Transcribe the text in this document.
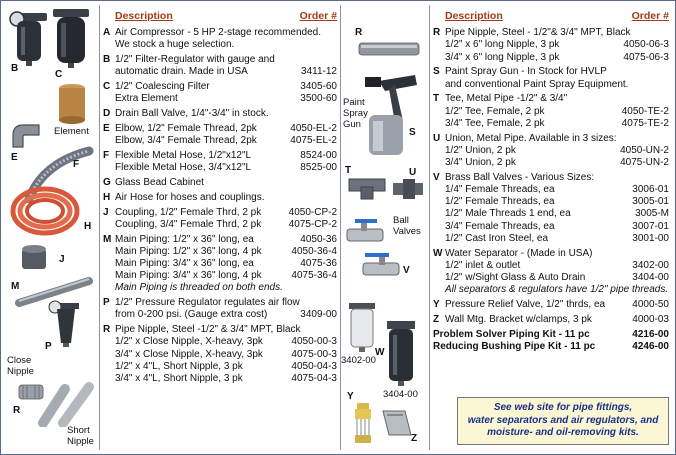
B
C
Element
E
F
H
J
M
P
Close Nipple
R
Short Nipple
Description	Order #
A Air Compressor - 5 HP 2-stage recommended.
We stock a huge selection.
B 1/2" Filter-Regulator with gauge and
automatic drain. Made in USA	3411-12
C 1/2" Coalescing Filter	3405-60
Extra Element	3500-60
D Drain Ball Valve, 1/4"-3/4" in stock.
E Elbow, 1/2" Female Thread, 2pk	4050-EL-2
Elbow, 3/4" Female Thread, 2pk	4075-EL-2
F Flexible Metal Hose, 1/2"x12"L	8524-00
Flexible Metal Hose, 3/4"x12"L	8525-00
G Glass Bead Cabinet
H Air Hose for hoses and couplings.
J Coupling, 1/2" Female Thrd, 2 pk	4050-CP-2
Coupling, 3/4" Female Thrd, 2 pk	4075-CP-2
M Main Piping: 1/2" x 36" long, ea	4050-36
Main Piping: 1/2" x 36" long, 4 pk	4050-36-4
Main Piping: 3/4" x 36" long, ea	4075-36
Main Piping: 3/4" x 36" long, 4 pk	4075-36-4
Main Piping is threaded on both ends.
P 1/2" Pressure Regulator regulates air flow
from 0-200 psi. (Gauge extra cost)	3409-00
R Pipe Nipple, Steel -1/2" & 3/4" MPT, Black
1/2" x Close Nipple, X-heavy, 3pk	4050-00-3
3/4" x Close Nipple, X-heavy, 3pk	4075-00-3
1/2" x 4"L, Short Nipple, 3 pk	4050-04-3
3/4" x 4"L, Short Nipple, 3 pk	4075-04-3
R
Paint Spray Gun
S
T	U
Ball Valves
V
3402-00
W
3404-00
Y
Z
Description	Order #
R Pipe Nipple, Steel - 1/2"& 3/4" MPT, Black
1/2" x 6" long Nipple, 3 pk	4050-06-3
3/4" x 6" long Nipple, 3 pk	4075-06-3
S Paint Spray Gun - In Stock for HVLP
and conventional Paint Spray Equipment.
T Tee, Metal Pipe -1/2" & 3/4"
1/2" Tee, Female, 2 pk	4050-TE-2
3/4" Tee, Female, 2 pk	4075-TE-2
U Union, Metal Pipe. Available in 3 sizes:
1/2" Union, 2 pk	4050-UN-2
3/4" Union, 2 pk	4075-UN-2
V Brass Ball Valves - Various Sizes:
1/4" Female Threads, ea	3006-01
1/2" Female Threads, ea	3005-01
1/2" Male Threads 1 end, ea	3005-M
3/4" Female Threads, ea	3007-01
1/2" Cast Iron Steel, ea	3001-00
W Water Separator - (Made in USA)
1/2" inlet & outlet	3402-00
1/2" w/Sight Glass & Auto Drain	3404-00
All separators & regulators have 1/2" pipe threads.
Y Pressure Relief Valve, 1/2" thrds, ea	4000-50
Z Wall Mtg. Bracket w/clamps, 3 pk	4000-03
Problem Solver Piping Kit - 11 pc	4216-00
Reducing Bushing Pipe Kit - 11 pc	4246-00
See web site for pipe fittings,
water separators and air regulators, and
moisture- and oil-removing kits.
